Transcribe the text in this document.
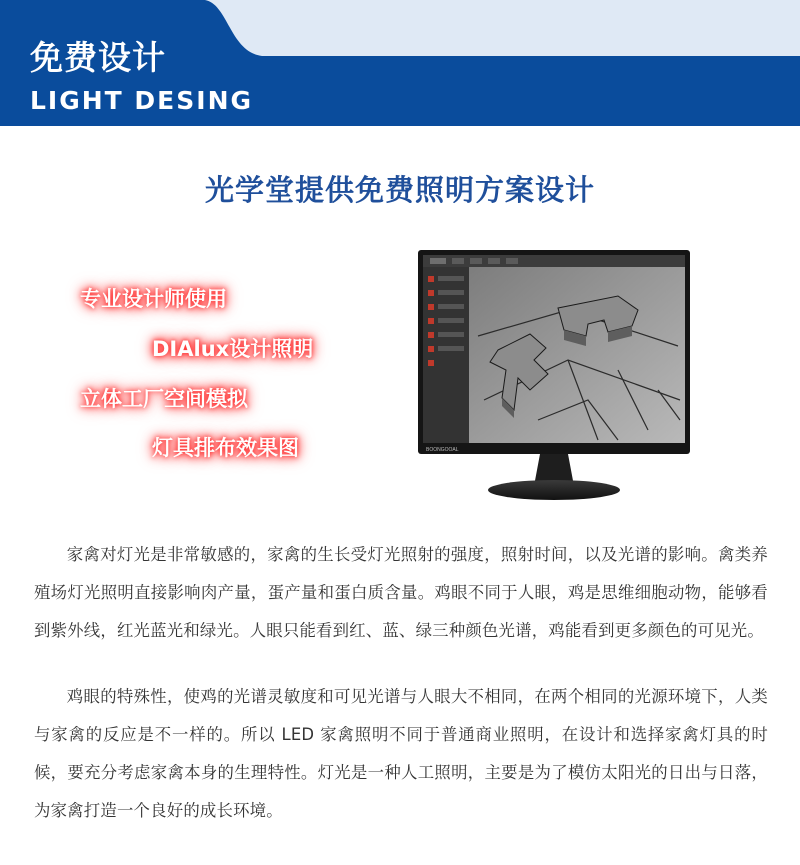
免费设计
LIGHT DESING
光学堂提供免费照明方案设计
专业设计师使用
DIAlux设计照明
立体工厂空间模拟
灯具排布效果图	BOONGOOAL

家禽对灯光是非常敏感的，家禽的生长受灯光照射的强度，照射时间，以及光谱的影响。禽类养殖场灯光照明直接影响肉产量，蛋产量和蛋白质含量。鸡眼不同于人眼，鸡是思维细胞动物，能够看到紫外线，红光蓝光和绿光。人眼只能看到红、蓝、绿三种颜色光谱，鸡能看到更多颜色的可见光。

鸡眼的特殊性，使鸡的光谱灵敏度和可见光谱与人眼大不相同，在两个相同的光源环境下，人类与家禽的反应是不一样的。所以 LED 家禽照明不同于普通商业照明，在设计和选择家禽灯具的时候，要充分考虑家禽本身的生理特性。灯光是一种人工照明，主要是为了模仿太阳光的日出与日落，为家禽打造一个良好的成长环境。
